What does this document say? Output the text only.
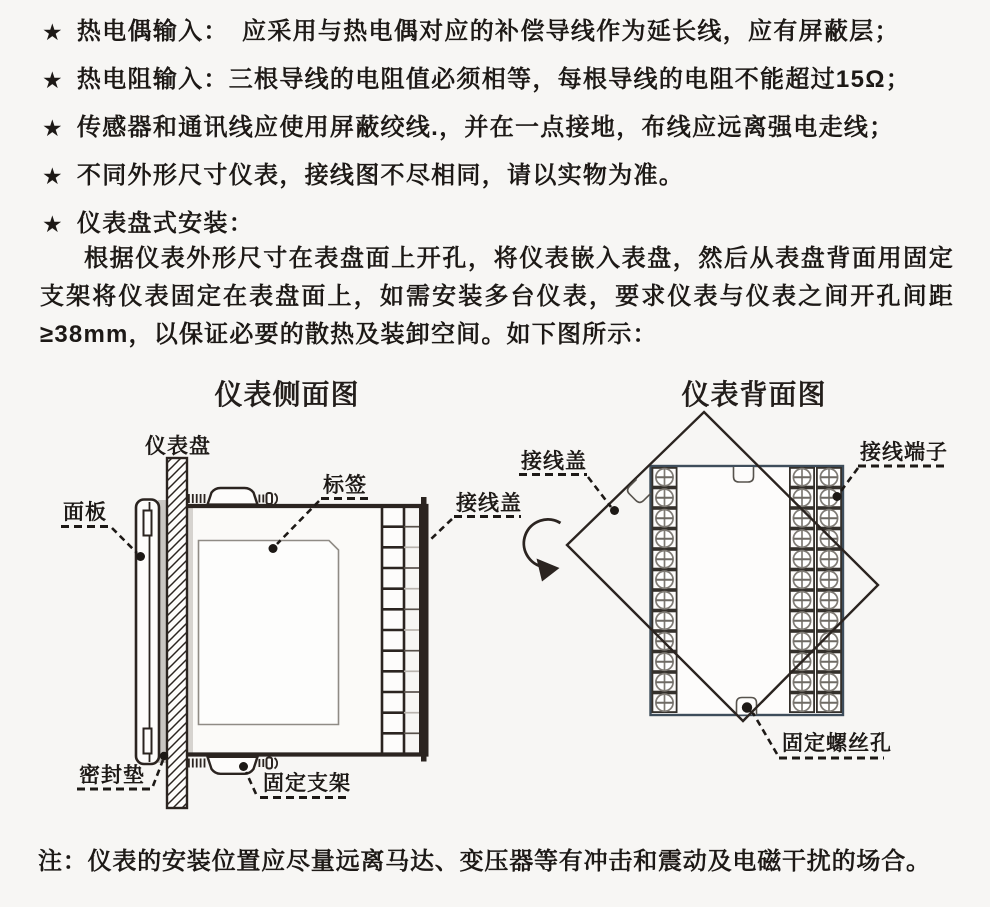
★ 热电偶输入：　应采用与热电偶对应的补偿导线作为延长线，应有屏蔽层；
★ 热电阻输入：三根导线的电阻值必须相等，每根导线的电阻不能超过15Ω；
★ 传感器和通讯线应使用屏蔽绞线.，并在一点接地，布线应远离强电走线；
★ 不同外形尺寸仪表，接线图不尽相同，请以实物为准。
★ 仪表盘式安装：
根据仪表外形尺寸在表盘面上开孔，将仪表嵌入表盘，然后从表盘背面用固定支架将仪表固定在表盘面上，如需安装多台仪表，要求仪表与仪表之间开孔间距≥38mm，以保证必要的散热及装卸空间。如下图所示：
仪表侧面图	仪表背面图
仪表盘
面板
标签
接线盖
密封垫	固定支架
接线盖	接线端子
固定螺丝孔
注：仪表的安装位置应尽量远离马达、变压器等有冲击和震动及电磁干扰的场合。
